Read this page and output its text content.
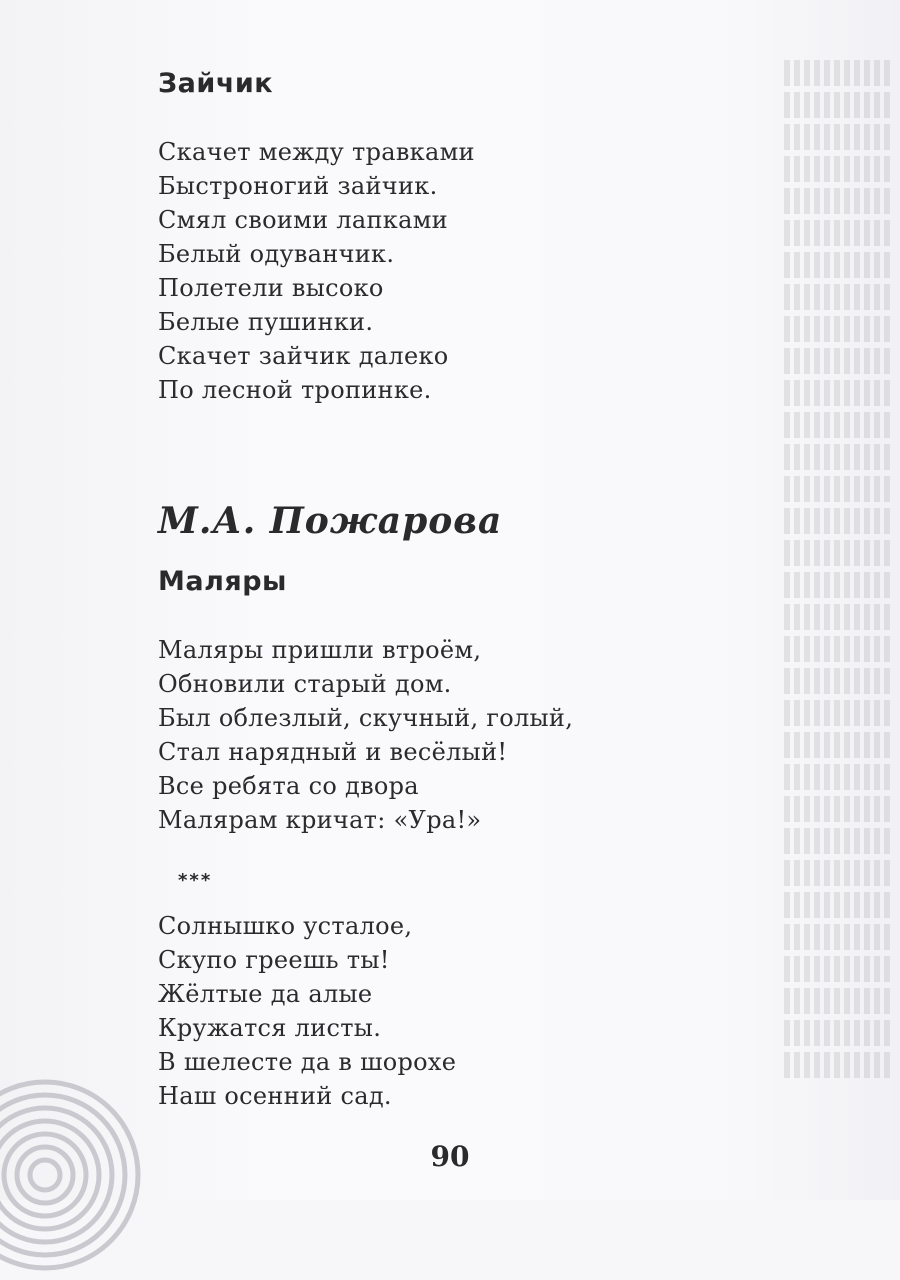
Зайчик
Скачет между травками
Быстроногий зайчик.
Смял своими лапками
Белый одуванчик.
Полетели высоко
Белые пушинки.
Скачет зайчик далеко
По лесной тропинке.
М.А. Пожарова
Маляры
Маляры пришли втроём,
Обновили старый дом.
Был облезлый, скучный, голый,
Стал нарядный и весёлый!
Все ребята со двора
Малярам кричат: «Ура!»
***
Солнышко усталое,
Скупо греешь ты!
Жёлтые да алые
Кружатся листы.
В шелесте да в шорохе
Наш осенний сад.
90
